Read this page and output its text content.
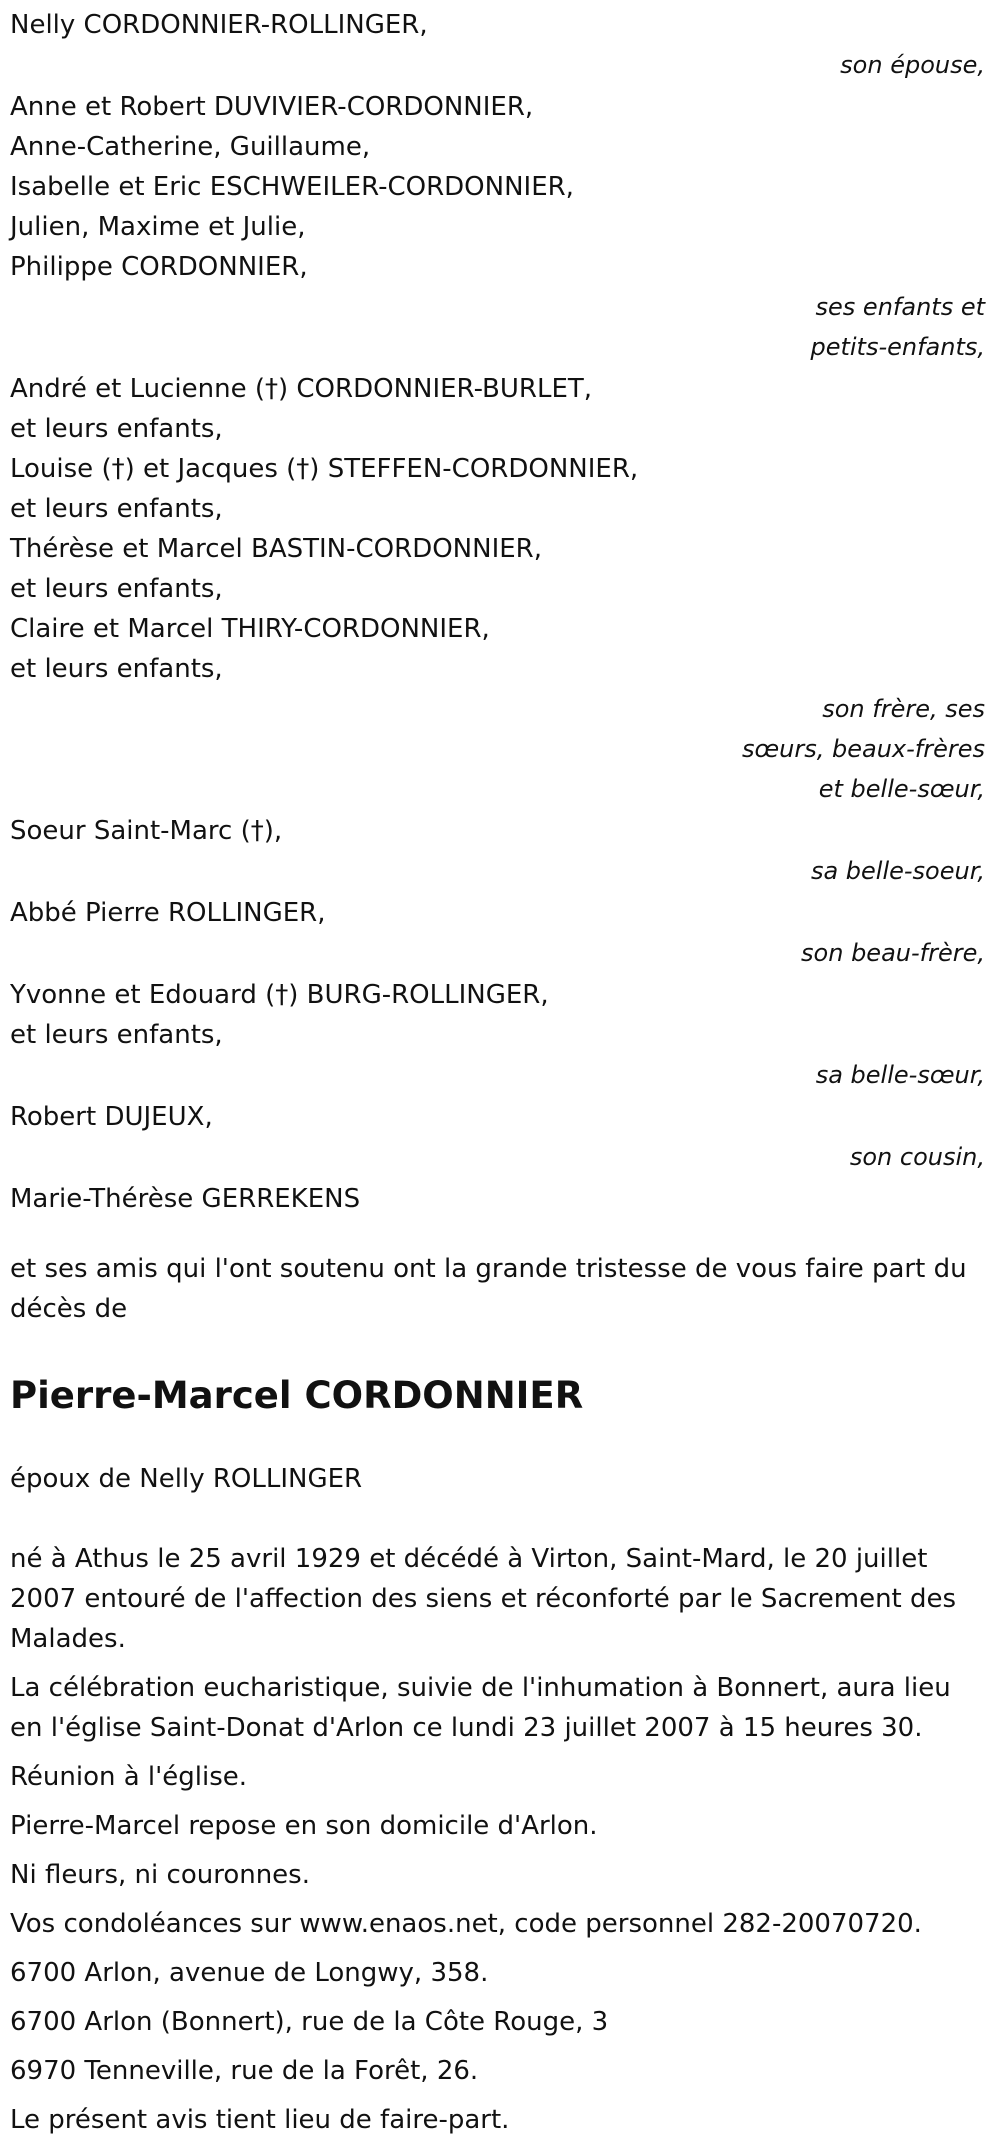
Nelly CORDONNIER-ROLLINGER,
son épouse,
Anne et Robert DUVIVIER-CORDONNIER,
Anne-Catherine, Guillaume,
Isabelle et Eric ESCHWEILER-CORDONNIER,
Julien, Maxime et Julie,
Philippe CORDONNIER,
ses enfants et
petits-enfants,
André et Lucienne (†) CORDONNIER-BURLET,
et leurs enfants,
Louise (†) et Jacques (†) STEFFEN-CORDONNIER,
et leurs enfants,
Thérèse et Marcel BASTIN-CORDONNIER,
et leurs enfants,
Claire et Marcel THIRY-CORDONNIER,
et leurs enfants,
son frère, ses
sœurs, beaux-frères
et belle-sœur,
Soeur Saint-Marc (†),
sa belle-soeur,
Abbé Pierre ROLLINGER,
son beau-frère,
Yvonne et Edouard (†) BURG-ROLLINGER,
et leurs enfants,
sa belle-sœur,
Robert DUJEUX,
son cousin,
Marie-Thérèse GERREKENS
et ses amis qui l'ont soutenu ont la grande tristesse de vous faire part du décès de
Pierre-Marcel CORDONNIER
époux de Nelly ROLLINGER
né à Athus le 25 avril 1929 et décédé à Virton, Saint-Mard, le 20 juillet 2007 entouré de l'affection des siens et réconforté par le Sacrement des Malades.
La célébration eucharistique, suivie de l'inhumation à Bonnert, aura lieu en l'église Saint-Donat d'Arlon ce lundi 23 juillet 2007 à 15 heures 30.
Réunion à l'église.
Pierre-Marcel repose en son domicile d'Arlon.
Ni fleurs, ni couronnes.
Vos condoléances sur www.enaos.net, code personnel 282-20070720.
6700 Arlon, avenue de Longwy, 358.
6700 Arlon (Bonnert), rue de la Côte Rouge, 3
6970 Tenneville, rue de la Forêt, 26.
Le présent avis tient lieu de faire-part.
